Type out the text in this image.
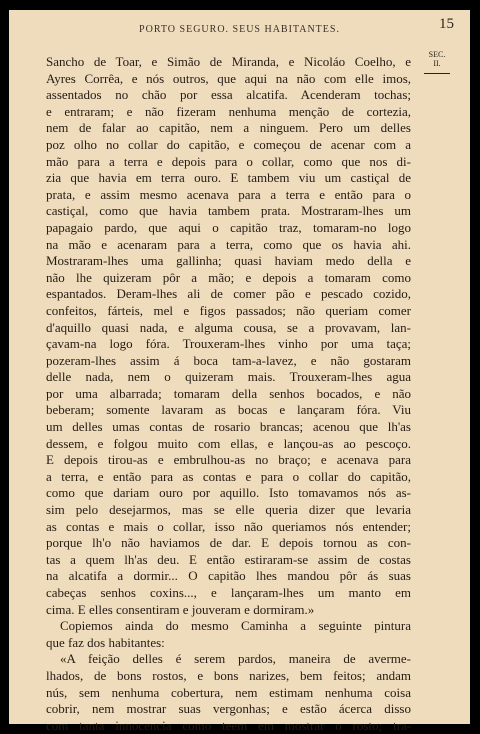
PORTO SEGURO. SEUS HABITANTES.	15
SEC.
II.
Sancho de Toar, e Simão de Miranda, e Nicoláo Coelho, e
Ayres Corrêa, e nós outros, que aqui na não com elle imos,
assentados no chão por essa alcatifa. Acenderam tochas;
e entraram; e não fizeram nenhuma menção de cortezia,
nem de falar ao capitão, nem a ninguem. Pero um delles
poz olho no collar do capitão, e começou de acenar com a
mão para a terra e depois para o collar, como que nos di-
zia que havia em terra ouro. E tambem viu um castiçal de
prata, e assim mesmo acenava para a terra e então para o
castiçal, como que havia tambem prata. Mostraram-lhes um
papagaio pardo, que aqui o capitão traz, tomaram-no logo
na mão e acenaram para a terra, como que os havia ahi.
Mostraram-lhes uma gallinha; quasi haviam medo della e
não lhe quizeram pôr a mão; e depois a tomaram como
espantados. Deram-lhes ali de comer pão e pescado cozido,
confeitos, fárteis, mel e figos passados; não queriam comer
d'aquillo quasi nada, e alguma cousa, se a provavam, lan-
çavam-na logo fóra. Trouxeram-lhes vinho por uma taça;
pozeram-lhes assim á boca tam-a-lavez, e não gostaram
delle nada, nem o quizeram mais. Trouxeram-lhes agua
por uma albarrada; tomaram della senhos bocados, e não
beberam; somente lavaram as bocas e lançaram fóra. Viu
um delles umas contas de rosario brancas; acenou que lh'as
dessem, e folgou muito com ellas, e lançou-as ao pescoço.
E depois tirou-as e embrulhou-as no braço; e acenava para
a terra, e então para as contas e para o collar do capitão,
como que dariam ouro por aquillo. Isto tomavamos nós as-
sim pelo desejarmos, mas se elle queria dizer que levaria
as contas e mais o collar, isso não queriamos nós entender;
porque lh'o não haviamos de dar. E depois tornou as con-
tas a quem lh'as deu. E então estiraram-se assim de costas
na alcatifa a dormir... O capitão lhes mandou pôr ás suas
cabeças senhos coxins..., e lançaram-lhes um manto em
cima. E elles consentiram e jouveram e dormiram.»
Copiemos ainda do mesmo Caminha a seguinte pintura
que faz dos habitantes:
«A feição delles é serem pardos, maneira de averme-
lhados, de bons rostos, e bons narizes, bem feitos; andam
nús, sem nenhuma cobertura, nem estimam nenhuma coisa
cobrir, nem mostrar suas vergonhas; e estão ácerca disso
com tanta innocencia como teem em mostrar o rosto; tra-
